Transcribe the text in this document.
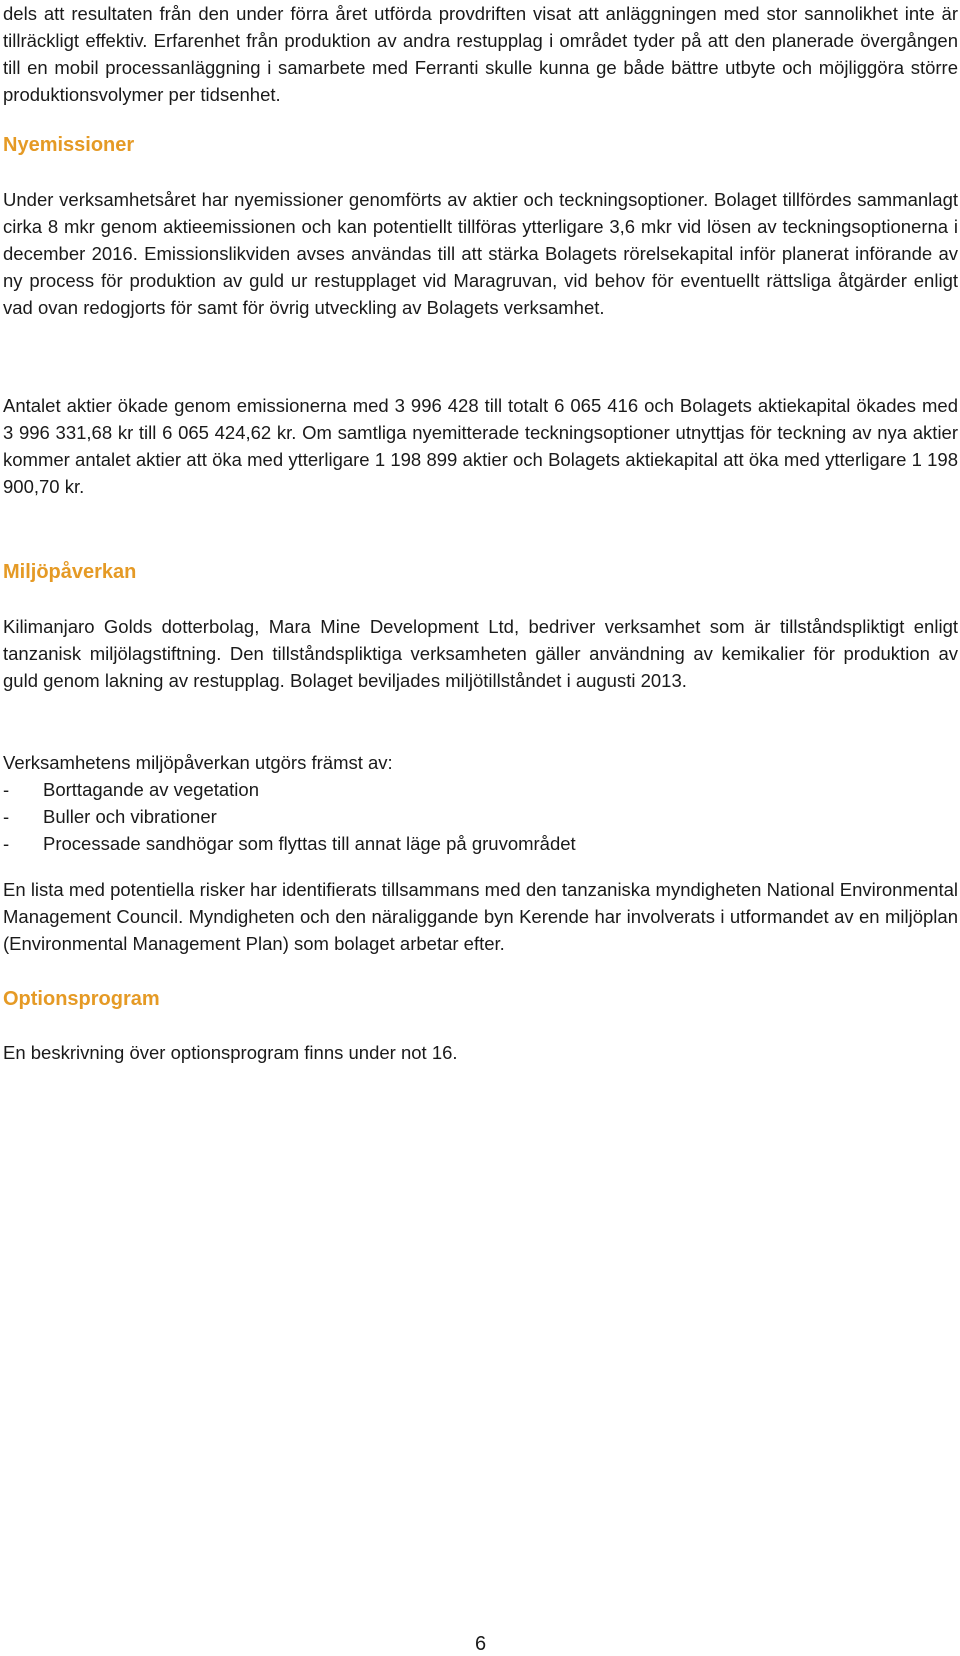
dels att resultaten från den under förra året utförda provdriften visat att anläggningen med stor sannolikhet inte är tillräckligt effektiv. Erfarenhet från produktion av andra restupplag i området tyder på att den planerade övergången till en mobil processanläggning i samarbete med Ferranti skulle kunna ge både bättre utbyte och möjliggöra större produktionsvolymer per tidsenhet.

Nyemissioner

Under verksamhetsåret har nyemissioner genomförts av aktier och teckningsoptioner. Bolaget tillfördes sammanlagt cirka 8 mkr genom aktieemissionen och kan potentiellt tillföras ytterligare 3,6 mkr vid lösen av teckningsoptionerna i december 2016. Emissionslikviden avses användas till att stärka Bolagets rörelsekapital inför planerat införande av ny process för produktion av guld ur restupplaget vid Maragruvan, vid behov för eventuellt rättsliga åtgärder enligt vad ovan redogjorts för samt för övrig utveckling av Bolagets verksamhet.

Antalet aktier ökade genom emissionerna med 3 996 428 till totalt 6 065 416 och Bolagets aktiekapital ökades med 3 996 331,68 kr till 6 065 424,62 kr. Om samtliga nyemitterade teckningsoptioner utnyttjas för teckning av nya aktier kommer antalet aktier att öka med ytterligare 1 198 899 aktier och Bolagets aktiekapital att öka med ytterligare 1 198 900,70 kr.

Miljöpåverkan

Kilimanjaro Golds dotterbolag, Mara Mine Development Ltd, bedriver verksamhet som är tillståndspliktigt enligt tanzanisk miljölagstiftning. Den tillståndspliktiga verksamheten gäller användning av kemikalier för produktion av guld genom lakning av restupplag. Bolaget beviljades miljötillståndet i augusti 2013.

Verksamhetens miljöpåverkan utgörs främst av:

-	Borttagande av vegetation
-	Buller och vibrationer
-	Processade sandhögar som flyttas till annat läge på gruvområdet

En lista med potentiella risker har identifierats tillsammans med den tanzaniska myndigheten National Environmental Management Council. Myndigheten och den näraliggande byn Kerende har involverats i utformandet av en miljöplan (Environmental Management Plan) som bolaget arbetar efter.

Optionsprogram

En beskrivning över optionsprogram finns under not 16.

6
